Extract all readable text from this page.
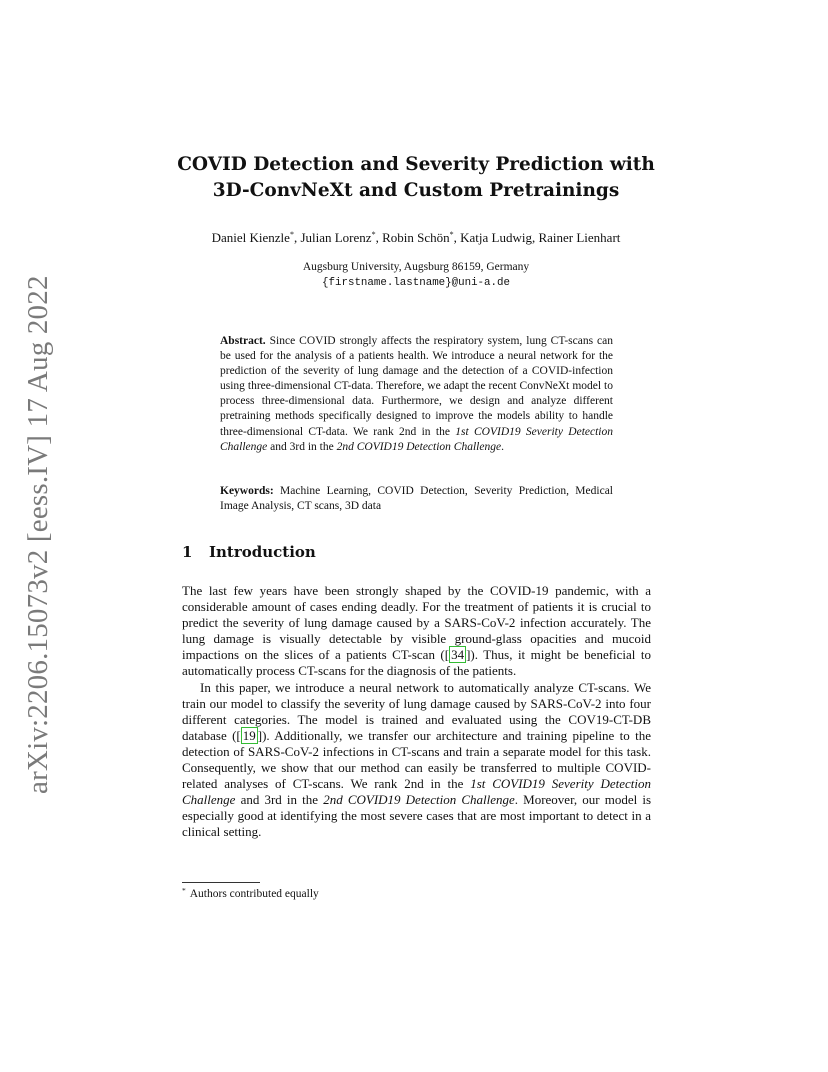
arXiv:2206.15073v2 [eess.IV] 17 Aug 2022
COVID Detection and Severity Prediction with
3D-ConvNeXt and Custom Pretrainings
Daniel Kienzle*, Julian Lorenz*, Robin Schön*, Katja Ludwig, Rainer Lienhart
Augsburg University, Augsburg 86159, Germany
{firstname.lastname}@uni-a.de
Abstract. Since COVID strongly affects the respiratory system, lung CT-scans can be used for the analysis of a patients health. We introduce a neural network for the prediction of the severity of lung damage and the detection of a COVID-infection using three-dimensional CT-data. Therefore, we adapt the recent ConvNeXt model to process three-dimensional data. Furthermore, we design and analyze different pretraining methods specifically designed to improve the models ability to handle three-dimensional CT-data. We rank 2nd in the 1st COVID19 Severity Detection Challenge and 3rd in the 2nd COVID19 Detection Challenge.
Keywords: Machine Learning, COVID Detection, Severity Prediction, Medical Image Analysis, CT scans, 3D data
1 Introduction

The last few years have been strongly shaped by the COVID-19 pandemic, with a considerable amount of cases ending deadly. For the treatment of patients it is crucial to predict the severity of lung damage caused by a SARS-CoV-2 infection accurately. The lung damage is visually detectable by visible ground-glass opacities and mucoid impactions on the slices of a patients CT-scan ([ 34 ]). Thus, it might be beneficial to automatically process CT-scans for the diagnosis of the patients.

In this paper, we introduce a neural network to automatically analyze CT-scans. We train our model to classify the severity of lung damage caused by SARS-CoV-2 into four different categories. The model is trained and evaluated using the COV19-CT-DB database ([ 19 ]). Additionally, we transfer our architecture and training pipeline to the detection of SARS-CoV-2 infections in CT-scans and train a separate model for this task. Consequently, we show that our method can easily be transferred to multiple COVID-related analyses of CT-scans. We rank 2nd in the 1st COVID19 Severity Detection Challenge and 3rd in the 2nd COVID19 Detection Challenge. Moreover, our model is especially good at identifying the most severe cases that are most important to detect in a clinical setting.

* Authors contributed equally
